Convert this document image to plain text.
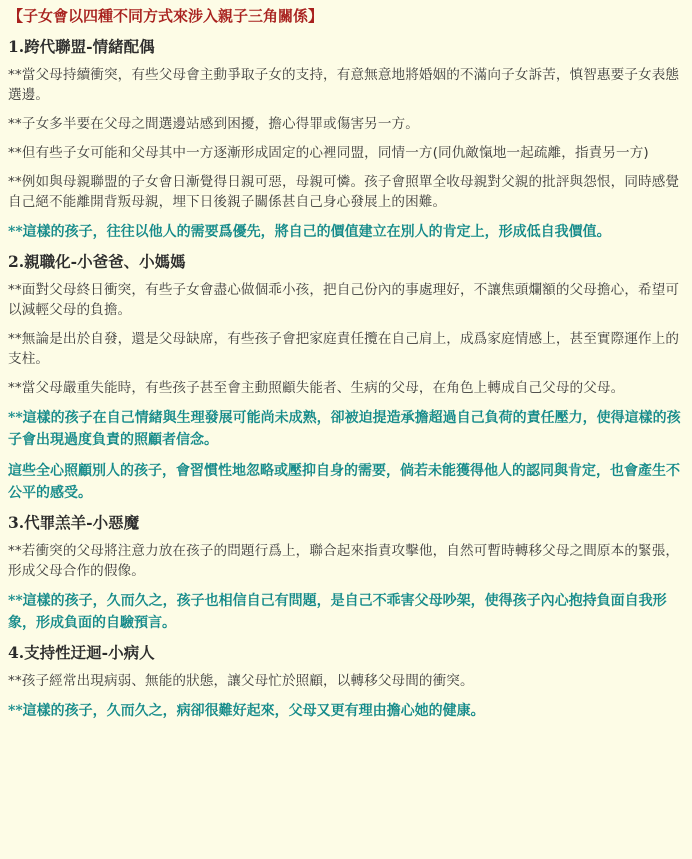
【子女會以四種不同方式來涉入親子三角關係】
1.跨代聯盟-情緒配偶
**當父母持續衝突，有些父母會主動爭取子女的支持，有意無意地將婚姻的不滿向子女訴苦，慎智惠要子女表態選邊。
**子女多半要在父母之間選邊站感到困擾，擔心得罪或傷害另一方。
**但有些子女可能和父母其中一方逐漸形成固定的心裡同盟，同情一方(同仇敵愾地一起疏離，指責另一方)
**例如與母親聯盟的子女會日漸覺得日親可惡，母親可憐。孩子會照單全收母親對父親的批評與怨恨，同時感覺自己絕不能離開背叛母親，埋下日後親子關係甚自己身心發展上的困難。
**這樣的孩子，往往以他人的需要爲優先，將自己的價值建立在別人的肯定上，形成低自我價值。
2.親職化-小爸爸、小媽媽
**面對父母終日衝突，有些子女會盡心做個乖小孩，把自己份內的事處理好，不讓焦頭爛額的父母擔心，希望可以減輕父母的負擔。
**無論是出於自發，還是父母缺席，有些孩子會把家庭責任攬在自己肩上，成爲家庭情感上，甚至實際運作上的支柱。
**當父母嚴重失能時，有些孩子甚至會主動照顧失能者、生病的父母，在角色上轉成自己父母的父母。
**這樣的孩子在自己情緒與生理發展可能尚未成熟，卻被迫提造承擔超過自己負荷的責任壓力，使得這樣的孩子會出現過度負責的照顧者信念。
這些全心照顧別人的孩子，會習慣性地忽略或壓抑自身的需要，倘若未能獲得他人的認同與肯定，也會產生不公平的感受。
3.代罪羔羊-小惡魔
**若衝突的父母將注意力放在孩子的問題行爲上，聯合起來指責攻擊他，自然可暫時轉移父母之間原本的緊張，形成父母合作的假像。
**這樣的孩子，久而久之，孩子也相信自己有問題，是自己不乖害父母吵架，使得孩子內心抱持負面自我形象，形成負面的自驗預言。
4.支持性迂迴-小病人
**孩子經常出現病弱、無能的狀態，讓父母忙於照顧，以轉移父母間的衝突。
**這樣的孩子，久而久之，病卻很難好起來，父母又更有理由擔心她的健康。
